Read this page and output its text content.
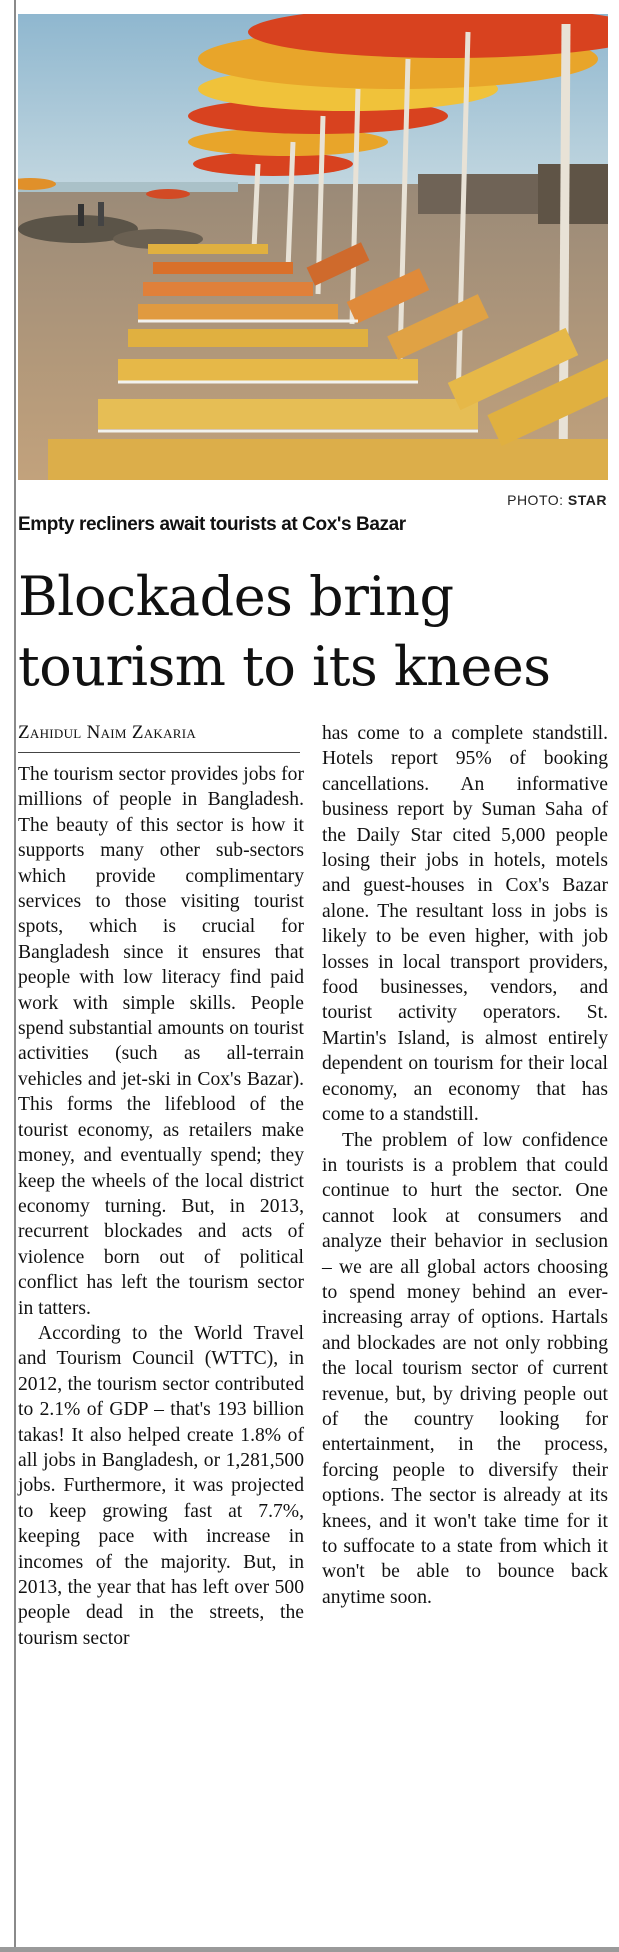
PHOTO: STAR
Empty recliners await tourists at Cox's Bazar
Blockades bring
tourism to its knees
Zahidul Naim Zakaria

The tourism sector provides jobs for millions of people in Bangladesh. The beauty of this sector is how it supports many other sub-sectors which provide complimentary services to those visiting tourist spots, which is crucial for Bangladesh since it ensures that people with low literacy find paid work with simple skills. People spend substantial amounts on tourist activities (such as all-terrain vehicles and jet-ski in Cox's Bazar). This forms the lifeblood of the tourist economy, as retailers make money, and eventually spend; they keep the wheels of the local district economy turning. But, in 2013, recurrent blockades and acts of violence born out of political conflict has left the tourism sector in tatters.

According to the World Travel and Tourism Council (WTTC), in 2012, the tourism sector contributed to 2.1% of GDP – that's 193 billion takas! It also helped create 1.8% of all jobs in Bangladesh, or 1,281,500 jobs. Furthermore, it was projected to keep growing fast at 7.7%, keeping pace with increase in incomes of the majority. But, in 2013, the year that has left over 500 people dead in the streets, the tourism sector

has come to a complete standstill. Hotels report 95% of booking cancellations. An informative business report by Suman Saha of the Daily Star cited 5,000 people losing their jobs in hotels, motels and guest-houses in Cox's Bazar alone. The resultant loss in jobs is likely to be even higher, with job losses in local transport providers, food businesses, vendors, and tourist activity operators. St. Martin's Island, is almost entirely dependent on tourism for their local economy, an economy that has come to a standstill.

The problem of low confidence in tourists is a problem that could continue to hurt the sector. One cannot look at consumers and analyze their behavior in seclusion – we are all global actors choosing to spend money behind an ever-increasing array of options. Hartals and blockades are not only robbing the local tourism sector of current revenue, but, by driving people out of the country looking for entertainment, in the process, forcing people to diversify their options. The sector is already at its knees, and it won't take time for it to suffocate to a state from which it won't be able to bounce back anytime soon.
